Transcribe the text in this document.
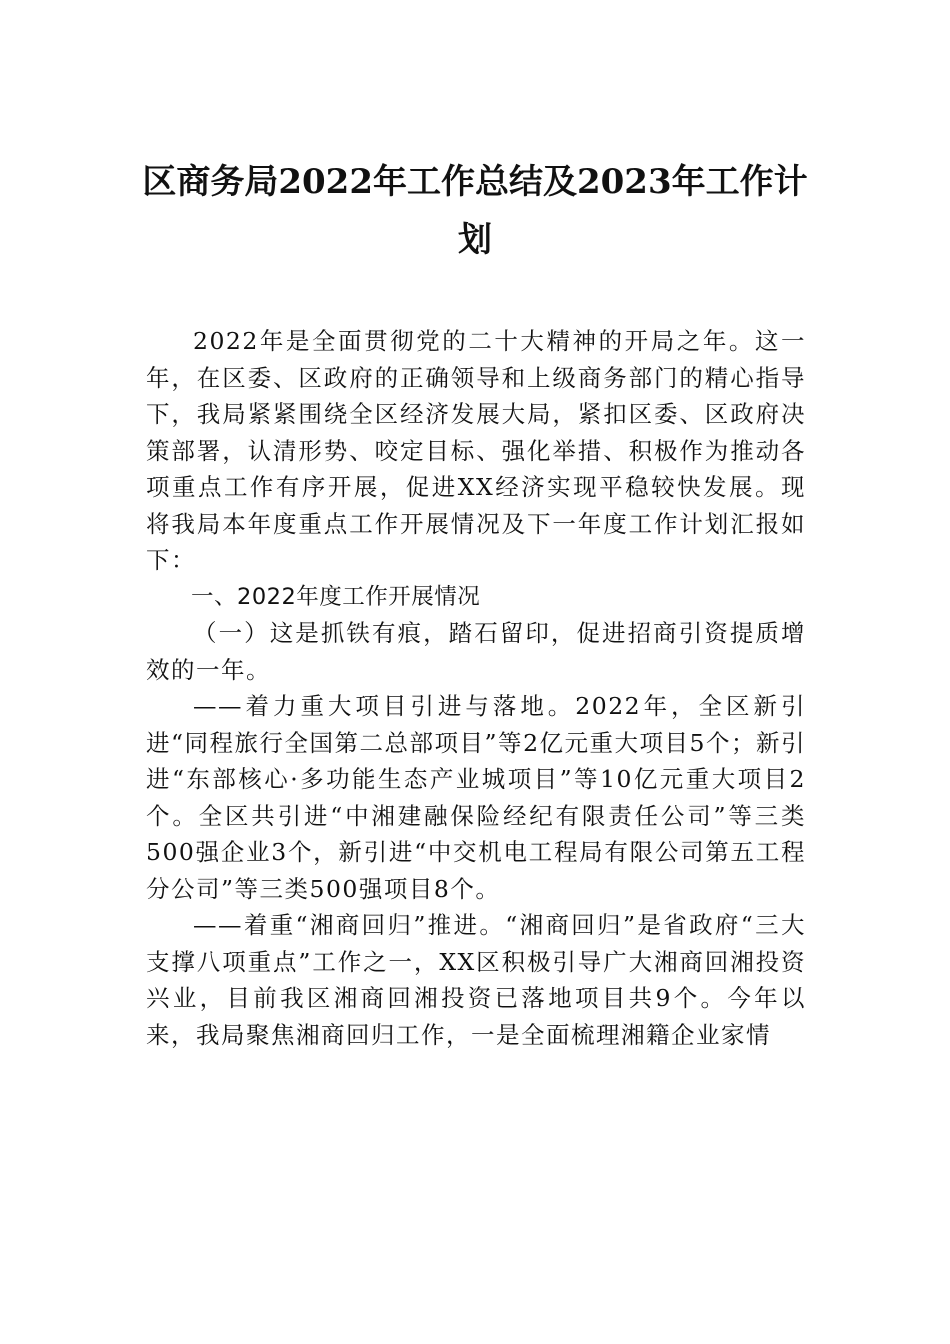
区商务局2022年工作总结及2023年工作计划

2022年是全面贯彻党的二十大精神的开局之年。这一年，在区委、区政府的正确领导和上级商务部门的精心指导下，我局紧紧围绕全区经济发展大局，紧扣区委、区政府决策部署，认清形势、咬定目标、强化举措、积极作为推动各项重点工作有序开展，促进XX经济实现平稳较快发展。现将我局本年度重点工作开展情况及下一年度工作计划汇报如下：

一、2022年度工作开展情况

（一）这是抓铁有痕，踏石留印，促进招商引资提质增效的一年。

——着力重大项目引进与落地。2022年，全区新引进“同程旅行全国第二总部项目”等2亿元重大项目5个；新引进“东部核心·多功能生态产业城项目”等10亿元重大项目2个。全区共引进“中湘建融保险经纪有限责任公司”等三类500强企业3个，新引进“中交机电工程局有限公司第五工程分公司”等三类500强项目8个。

——着重“湘商回归”推进。“湘商回归”是省政府“三大支撑八项重点”工作之一，XX区积极引导广大湘商回湘投资兴业，目前我区湘商回湘投资已落地项目共9个。今年以来，我局聚焦湘商回归工作，一是全面梳理湘籍企业家情
